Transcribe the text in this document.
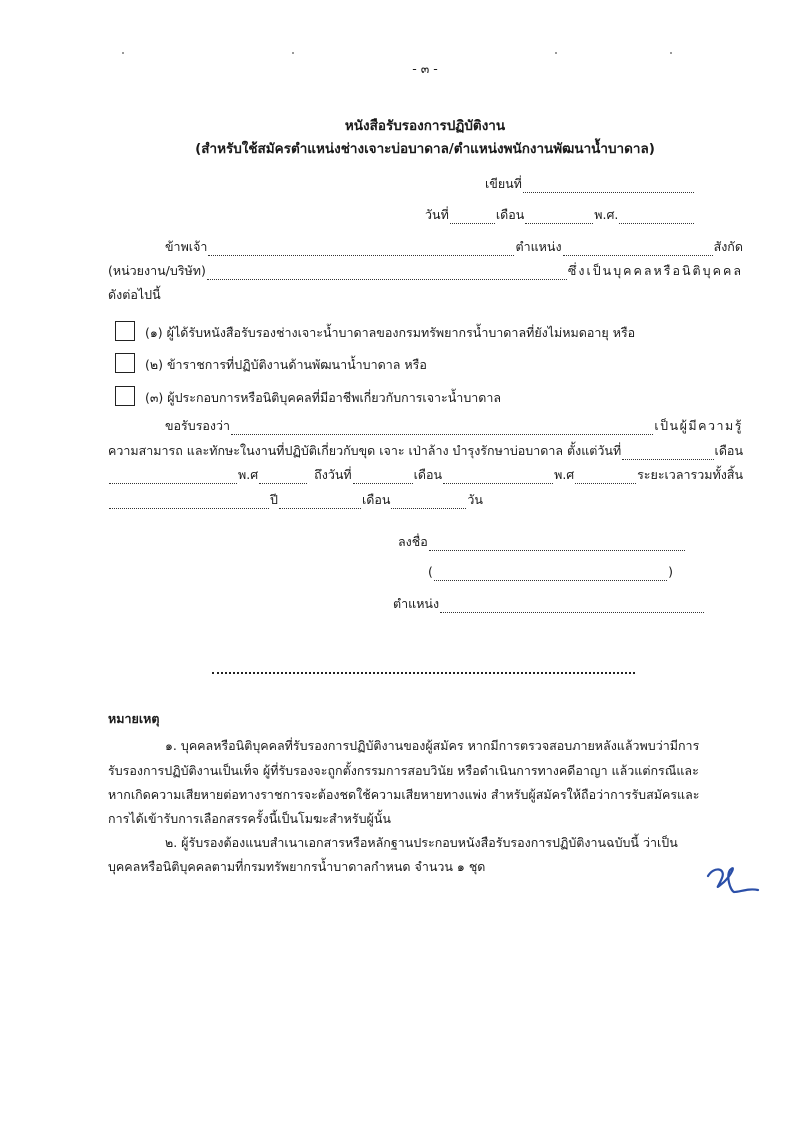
- ๓ -
หนังสือรับรองการปฏิบัติงาน
(สำหรับใช้สมัครตำแหน่งช่างเจาะบ่อบาดาล/ตำแหน่งพนักงานพัฒนาน้ำบาดาล)
เขียนที่
วันที่	เดือน	พ.ศ.
ข้าพเจ้า	ตำแหน่ง	สังกัด
(หน่วยงาน/บริษัท)	ซึ่งเป็นบุคคลหรือนิติบุคคล
ดังต่อไปนี้
(๑) ผู้ได้รับหนังสือรับรองช่างเจาะน้ำบาดาลของกรมทรัพยากรน้ำบาดาลที่ยังไม่หมดอายุ หรือ
(๒) ข้าราชการที่ปฏิบัติงานด้านพัฒนาน้ำบาดาล หรือ
(๓) ผู้ประกอบการหรือนิติบุคคลที่มีอาชีพเกี่ยวกับการเจาะน้ำบาดาล
ขอรับรองว่า	เป็นผู้มีความรู้
ความสามารถ และทักษะในงานที่ปฏิบัติเกี่ยวกับขุด เจาะ เป่าล้าง บำรุงรักษาบ่อบาดาล ตั้งแต่วันที่	เดือน
พ.ศ	ถึงวันที่	เดือน	พ.ศ	ระยะเวลารวมทั้งสิ้น
ปี	เดือน	วัน
ลงชื่อ
(	)
ตำแหน่ง
หมายเหตุ
๑. บุคคลหรือนิติบุคคลที่รับรองการปฏิบัติงานของผู้สมัคร หากมีการตรวจสอบภายหลังแล้วพบว่ามีการ
รับรองการปฏิบัติงานเป็นเท็จ ผู้ที่รับรองจะถูกตั้งกรรมการสอบวินัย หรือดำเนินการทางคดีอาญา แล้วแต่กรณีและ
หากเกิดความเสียหายต่อทางราชการจะต้องชดใช้ความเสียหายทางแพ่ง สำหรับผู้สมัครให้ถือว่าการรับสมัครและ
การได้เข้ารับการเลือกสรรครั้งนี้เป็นโมฆะสำหรับผู้นั้น
๒. ผู้รับรองต้องแนบสำเนาเอกสารหรือหลักฐานประกอบหนังสือรับรองการปฏิบัติงานฉบับนี้ ว่าเป็น
บุคคลหรือนิติบุคคลตามที่กรมทรัพยากรน้ำบาดาลกำหนด จำนวน ๑ ชุด
